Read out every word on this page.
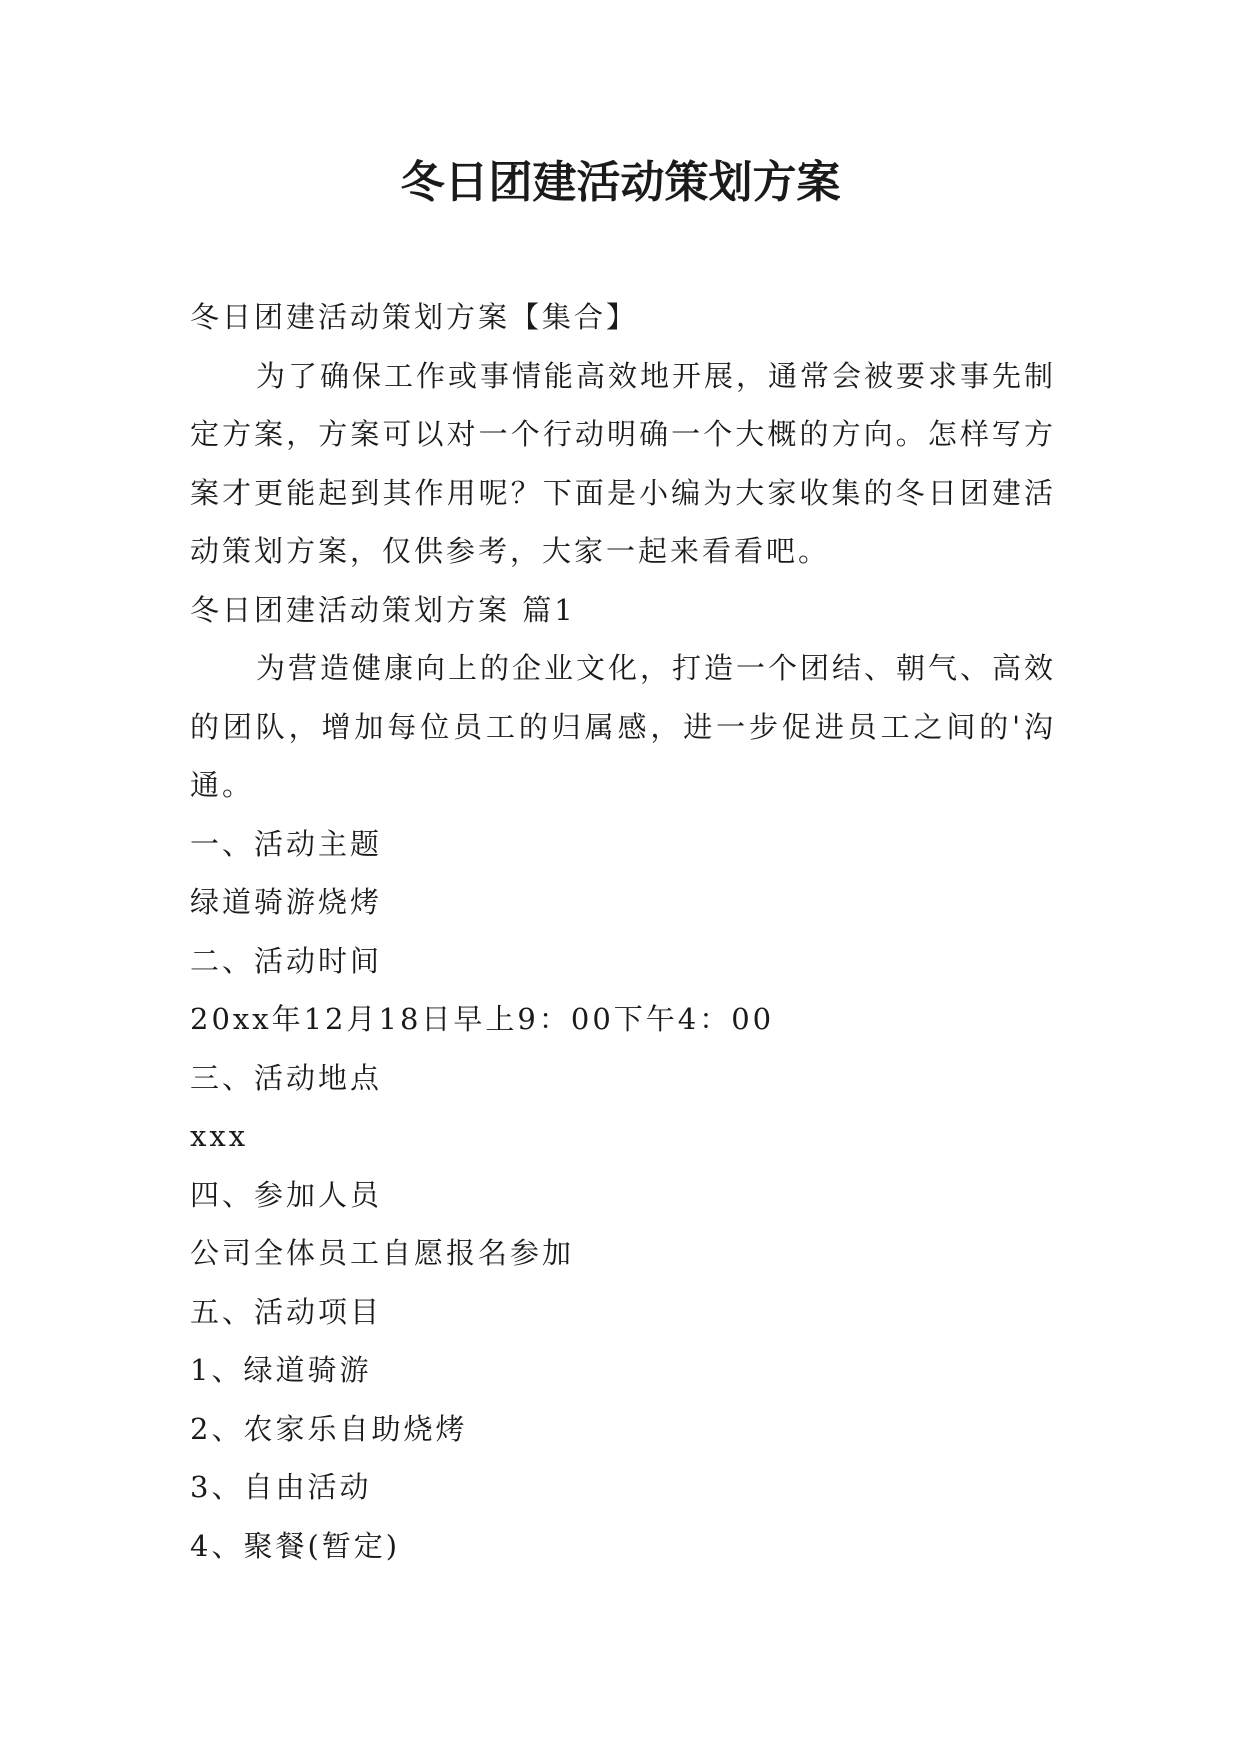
冬日团建活动策划方案

冬日团建活动策划方案【集合】

为了确保工作或事情能高效地开展，通常会被要求事先制定方案，方案可以对一个行动明确一个大概的方向。怎样写方案才更能起到其作用呢？下面是小编为大家收集的冬日团建活动策划方案，仅供参考，大家一起来看看吧。

冬日团建活动策划方案 篇1

为营造健康向上的企业文化，打造一个团结、朝气、高效的团队，增加每位员工的归属感，进一步促进员工之间的'沟通。

一、活动主题

绿道骑游烧烤

二、活动时间

20xx年12月18日早上9：00下午4：00

三、活动地点

xxx

四、参加人员

公司全体员工自愿报名参加

五、活动项目

1、绿道骑游

2、农家乐自助烧烤

3、自由活动

4、聚餐(暂定)
